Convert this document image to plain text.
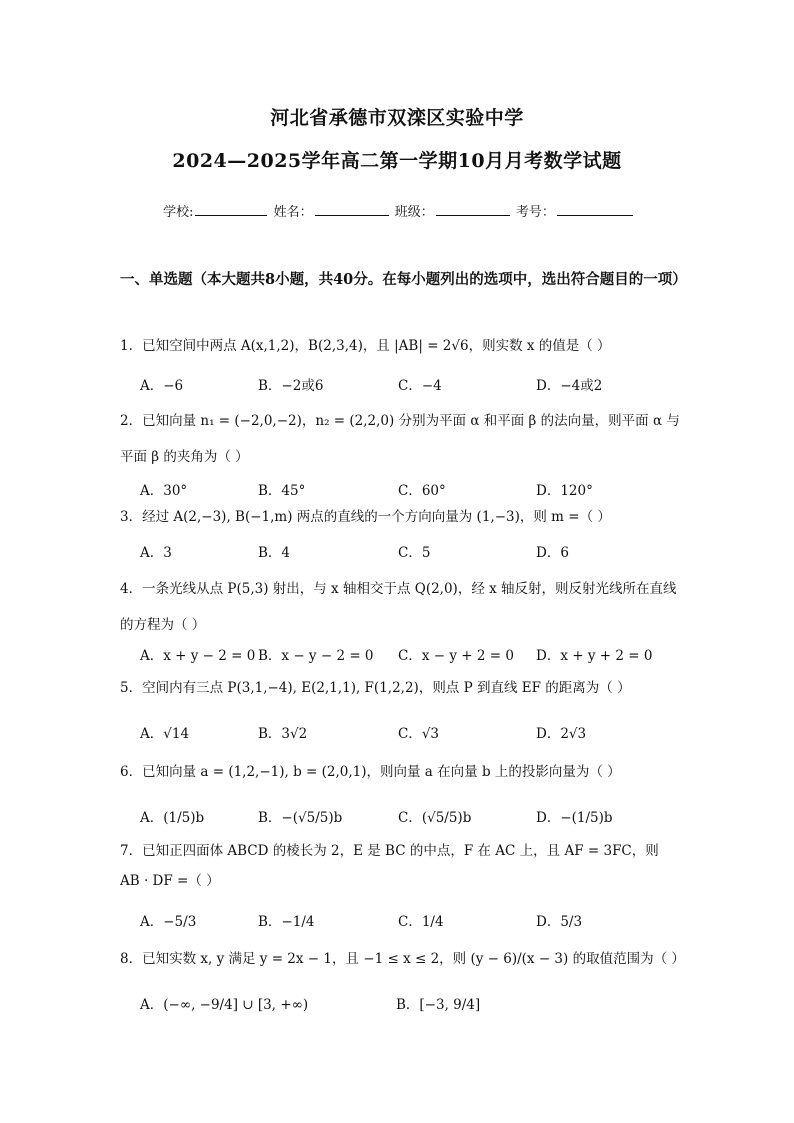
河北省承德市双滦区实验中学
2024—2025学年高二第一学期10月月考数学试题
学校:	姓名：	班级：	考号：
一、单选题（本大题共8小题，共40分。在每小题列出的选项中，选出符合题目的一项）
1．已知空间中两点 A(x,1,2)，B(2,3,4)，且 |AB| = 2√6，则实数 x 的值是（ ）
A．−6	B．−2或6	C．−4	D．−4或2
2．已知向量 n₁ = (−2,0,−2)，n₂ = (2,2,0) 分别为平面 α 和平面 β 的法向量，则平面 α 与平面 β 的夹角为（ ）
A．30°	B．45°	C．60°	D．120°
3．经过 A(2,−3), B(−1,m) 两点的直线的一个方向向量为 (1,−3)，则 m =（ ）
A．3	B．4	C．5	D．6
4．一条光线从点 P(5,3) 射出，与 x 轴相交于点 Q(2,0)，经 x 轴反射，则反射光线所在直线的方程为（ ）
A．x + y − 2 = 0 B．x − y − 2 = 0 C．x − y + 2 = 0 D．x + y + 2 = 0
5．空间内有三点 P(3,1,−4), E(2,1,1), F(1,2,2)，则点 P 到直线 EF 的距离为（ ）
A．√14	B．3√2	C．√3	D．2√3
6．已知向量 a = (1,2,−1), b = (2,0,1)，则向量 a 在向量 b 上的投影向量为（ ）
A．(1/5)b	B．−(√5/5)b	C．(√5/5)b	D．−(1/5)b
7．已知正四面体 ABCD 的棱长为 2，E 是 BC 的中点，F 在 AC 上，且 AF = 3FC，则 AB · DF =（ ）
A．−5/3	B．−1/4	C．1/4	D．5/3
8．已知实数 x, y 满足 y = 2x − 1，且 −1 ≤ x ≤ 2，则 (y − 6)/(x − 3) 的取值范围为（ ）
A．(−∞, −9/4] ∪ [3, +∞)	B．[−3, 9/4]
